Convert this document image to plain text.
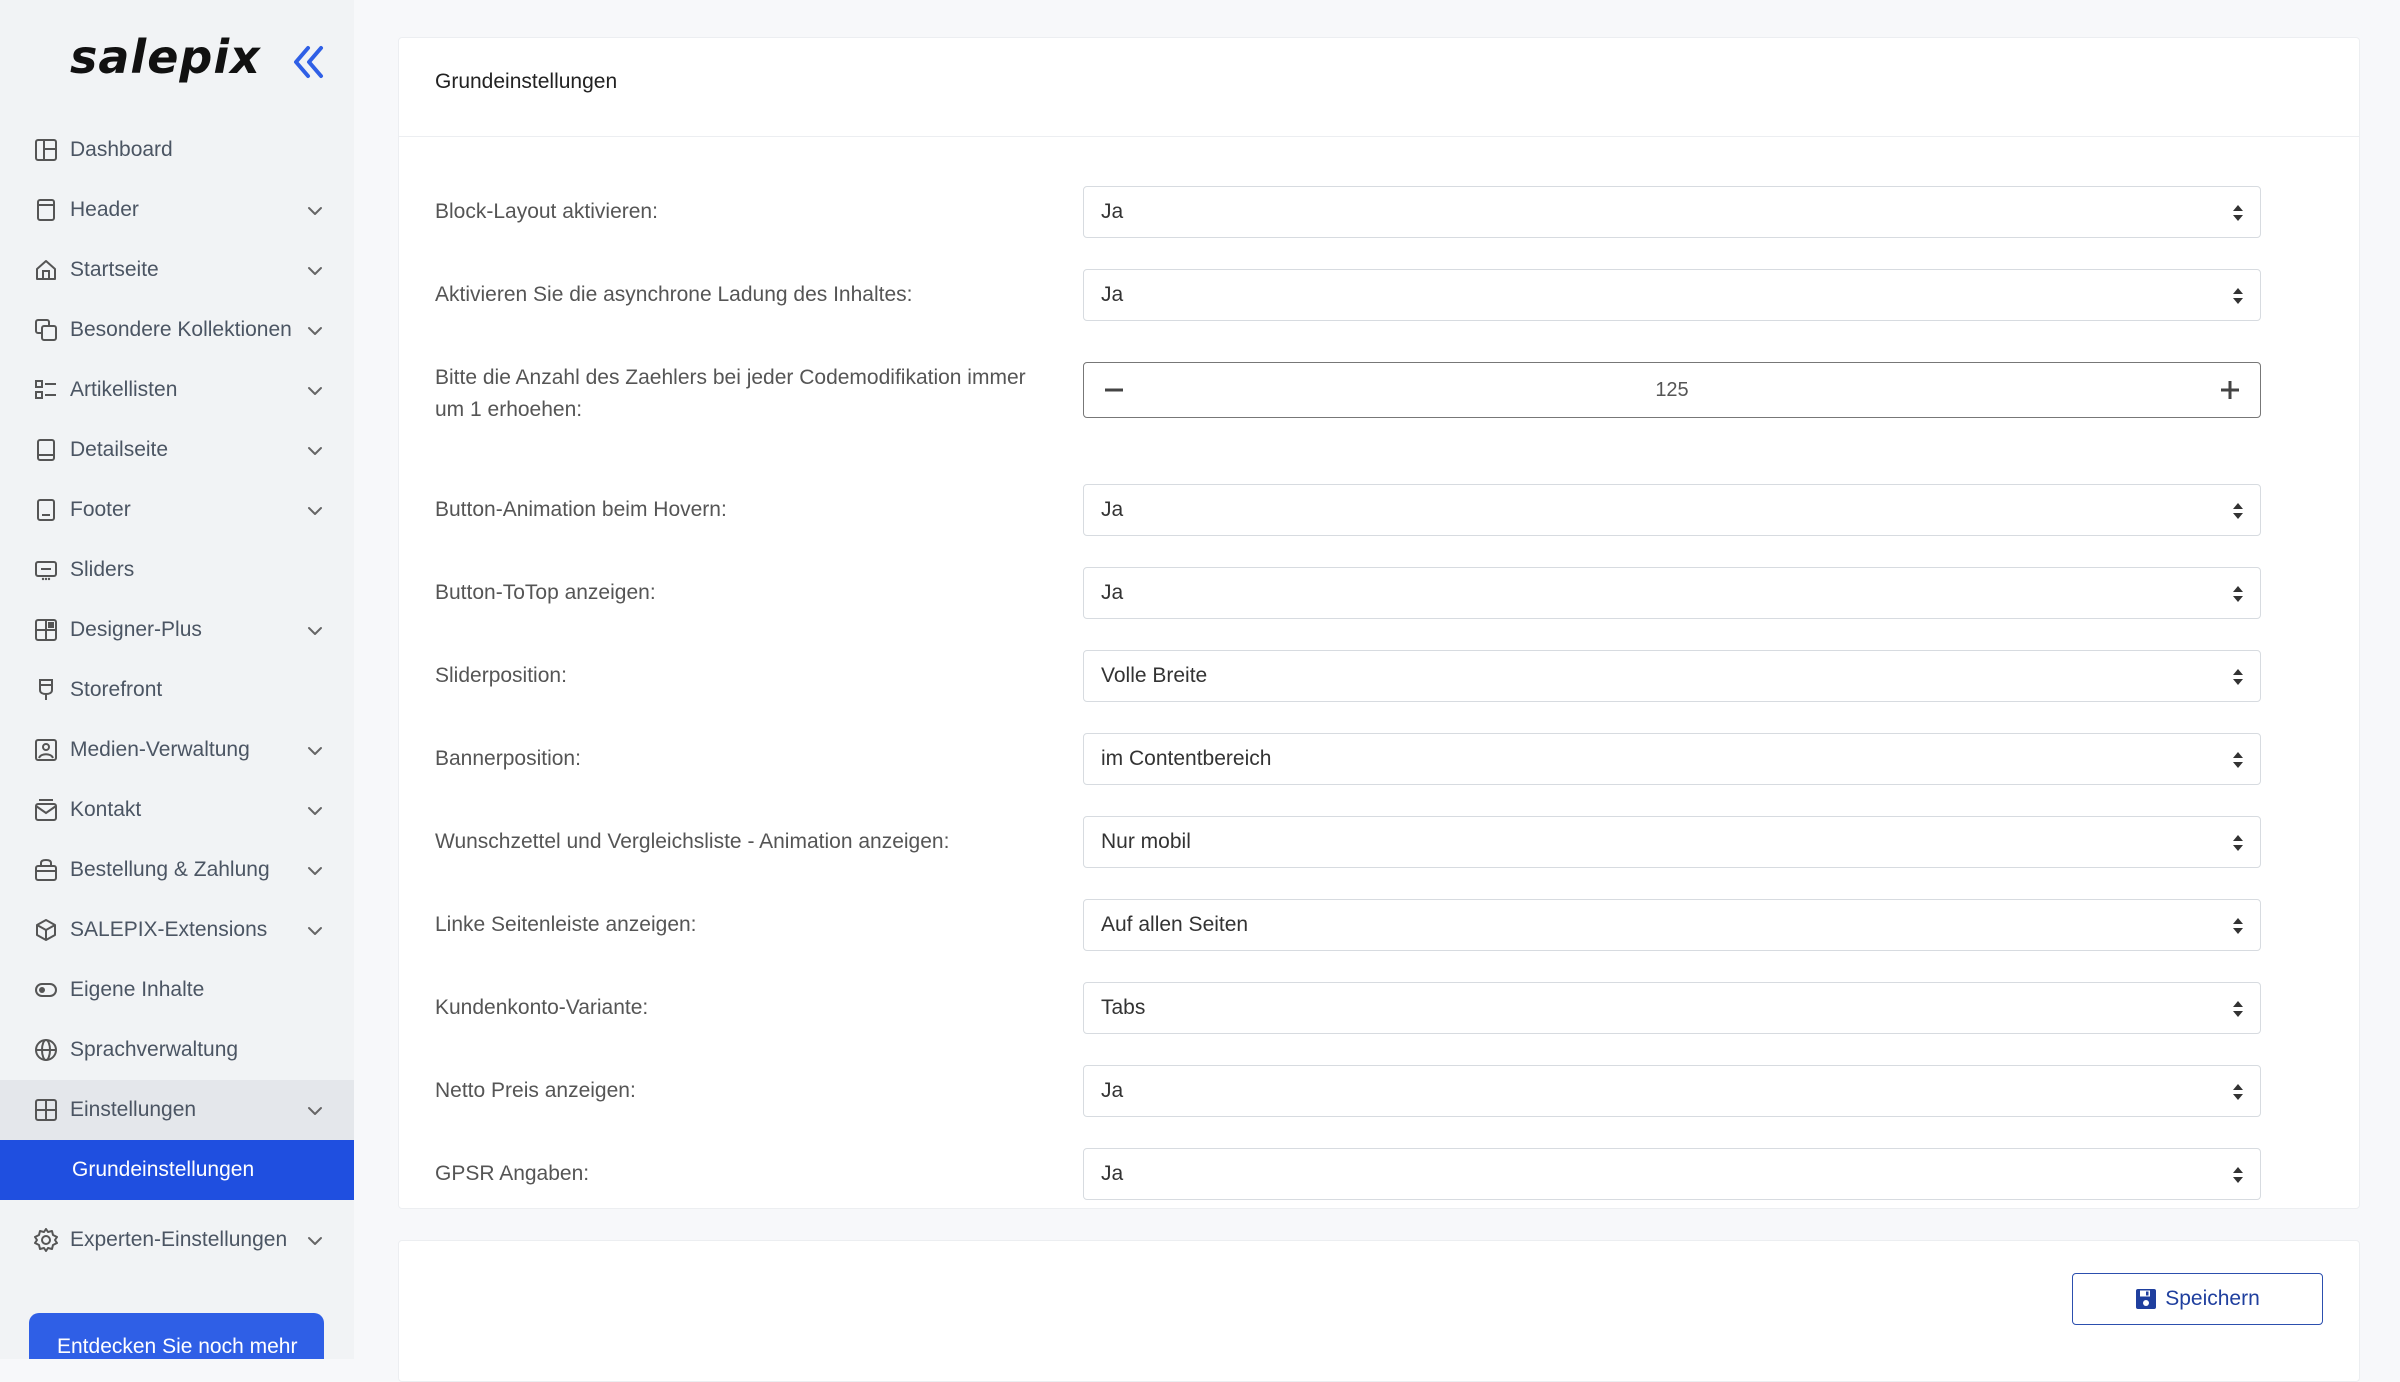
salepix
Dashboard
Header
Startseite
Besondere Kollektionen
Artikellisten
Detailseite
Footer
Sliders
Designer-Plus
Storefront
Medien-Verwaltung
Kontakt
Bestellung & Zahlung
SALEPIX-Extensions
Eigene Inhalte
Sprachverwaltung
Einstellungen
Grundeinstellungen
Experten-Einstellungen
Entdecken Sie noch mehr
Grundeinstellungen
Block-Layout aktivieren:	Ja
Aktivieren Sie die asynchrone Ladung des Inhaltes:	Ja
Bitte die Anzahl des Zaehlers bei jeder Codemodifikation immer um 1 erhoehen:
125
Button-Animation beim Hovern:	Ja
Button-ToTop anzeigen:	Ja
Sliderposition:	Volle Breite
Bannerposition:	im Contentbereich
Wunschzettel und Vergleichsliste - Animation anzeigen:	Nur mobil
Linke Seitenleiste anzeigen:	Auf allen Seiten
Kundenkonto-Variante:	Tabs
Netto Preis anzeigen:	Ja
GPSR Angaben:	Ja
Speichern
